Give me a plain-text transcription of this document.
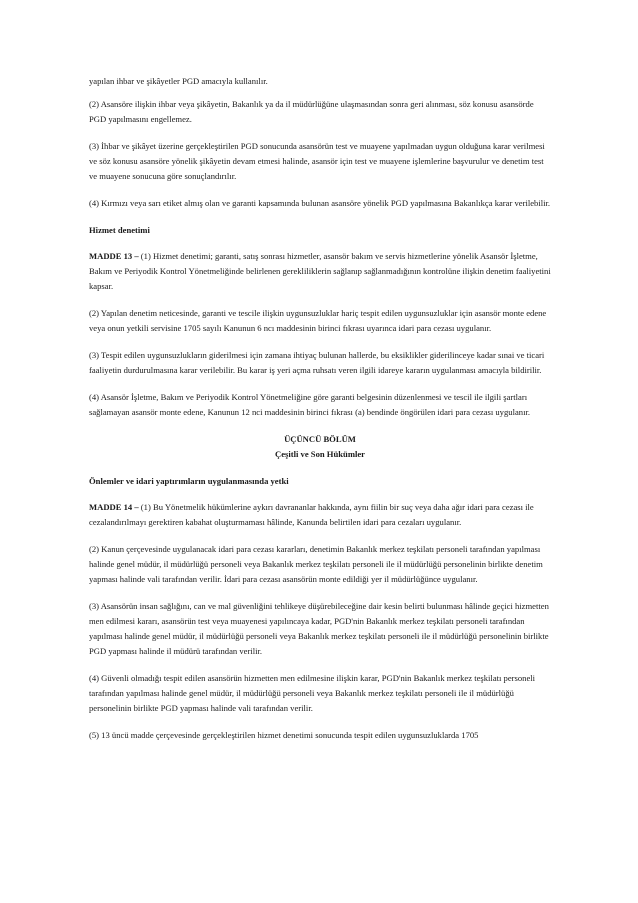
yapılan ihbar ve şikâyetler PGD amacıyla kullanılır.

(2) Asansöre ilişkin ihbar veya şikâyetin, Bakanlık ya da il müdürlüğüne ulaşmasından sonra geri alınması, söz konusu asansörde PGD yapılmasını engellemez.

(3) İhbar ve şikâyet üzerine gerçekleştirilen PGD sonucunda asansörün test ve muayene yapılmadan uygun olduğuna karar verilmesi ve söz konusu asansöre yönelik şikâyetin devam etmesi halinde, asansör için test ve muayene işlemlerine başvurulur ve denetim test ve muayene sonucuna göre sonuçlandırılır.

(4) Kırmızı veya sarı etiket almış olan ve garanti kapsamında bulunan asansöre yönelik PGD yapılmasına Bakanlıkça karar verilebilir.

Hizmet denetimi

MADDE 13 – (1) Hizmet denetimi; garanti, satış sonrası hizmetler, asansör bakım ve servis hizmetlerine yönelik Asansör İşletme, Bakım ve Periyodik Kontrol Yönetmeliğinde belirlenen gerekliliklerin sağlanıp sağlanmadığının kontrolüne ilişkin denetim faaliyetini kapsar.

(2) Yapılan denetim neticesinde, garanti ve tescile ilişkin uygunsuzluklar hariç tespit edilen uygunsuzluklar için asansör monte edene veya onun yetkili servisine 1705 sayılı Kanunun 6 ncı maddesinin birinci fıkrası uyarınca idari para cezası uygulanır.

(3) Tespit edilen uygunsuzlukların giderilmesi için zamana ihtiyaç bulunan hallerde, bu eksiklikler giderilinceye kadar sınai ve ticari faaliyetin durdurulmasına karar verilebilir. Bu karar iş yeri açma ruhsatı veren ilgili idareye kararın uygulanması amacıyla bildirilir.

(4) Asansör İşletme, Bakım ve Periyodik Kontrol Yönetmeliğine göre garanti belgesinin düzenlenmesi ve tescil ile ilgili şartları sağlamayan asansör monte edene, Kanunun 12 nci maddesinin birinci fıkrası (a) bendinde öngörülen idari para cezası uygulanır.

ÜÇÜNCÜ BÖLÜM
Çeşitli ve Son Hükümler

Önlemler ve idari yaptırımların uygulanmasında yetki

MADDE 14 – (1) Bu Yönetmelik hükümlerine aykırı davrananlar hakkında, aynı fiilin bir suç veya daha ağır idari para cezası ile cezalandırılmayı gerektiren kabahat oluşturmaması hâlinde, Kanunda belirtilen idari para cezaları uygulanır.

(2) Kanun çerçevesinde uygulanacak idari para cezası kararları, denetimin Bakanlık merkez teşkilatı personeli tarafından yapılması halinde genel müdür, il müdürlüğü personeli veya Bakanlık merkez teşkilatı personeli ile il müdürlüğü personelinin birlikte denetim yapması halinde vali tarafından verilir. İdari para cezası asansörün monte edildiği yer il müdürlüğünce uygulanır.

(3) Asansörün insan sağlığını, can ve mal güvenliğini tehlikeye düşürebileceğine dair kesin belirti bulunması hâlinde geçici hizmetten men edilmesi kararı, asansörün test veya muayenesi yapılıncaya kadar, PGD'nin Bakanlık merkez teşkilatı personeli tarafından yapılması halinde genel müdür, il müdürlüğü personeli veya Bakanlık merkez teşkilatı personeli ile il müdürlüğü personelinin birlikte PGD yapması halinde il müdürü tarafından verilir.

(4) Güvenli olmadığı tespit edilen asansörün hizmetten men edilmesine ilişkin karar, PGD'nin Bakanlık merkez teşkilatı personeli tarafından yapılması halinde genel müdür, il müdürlüğü personeli veya Bakanlık merkez teşkilatı personeli ile il müdürlüğü personelinin birlikte PGD yapması halinde vali tarafından verilir.

(5) 13 üncü madde çerçevesinde gerçekleştirilen hizmet denetimi sonucunda tespit edilen uygunsuzluklarda 1705
